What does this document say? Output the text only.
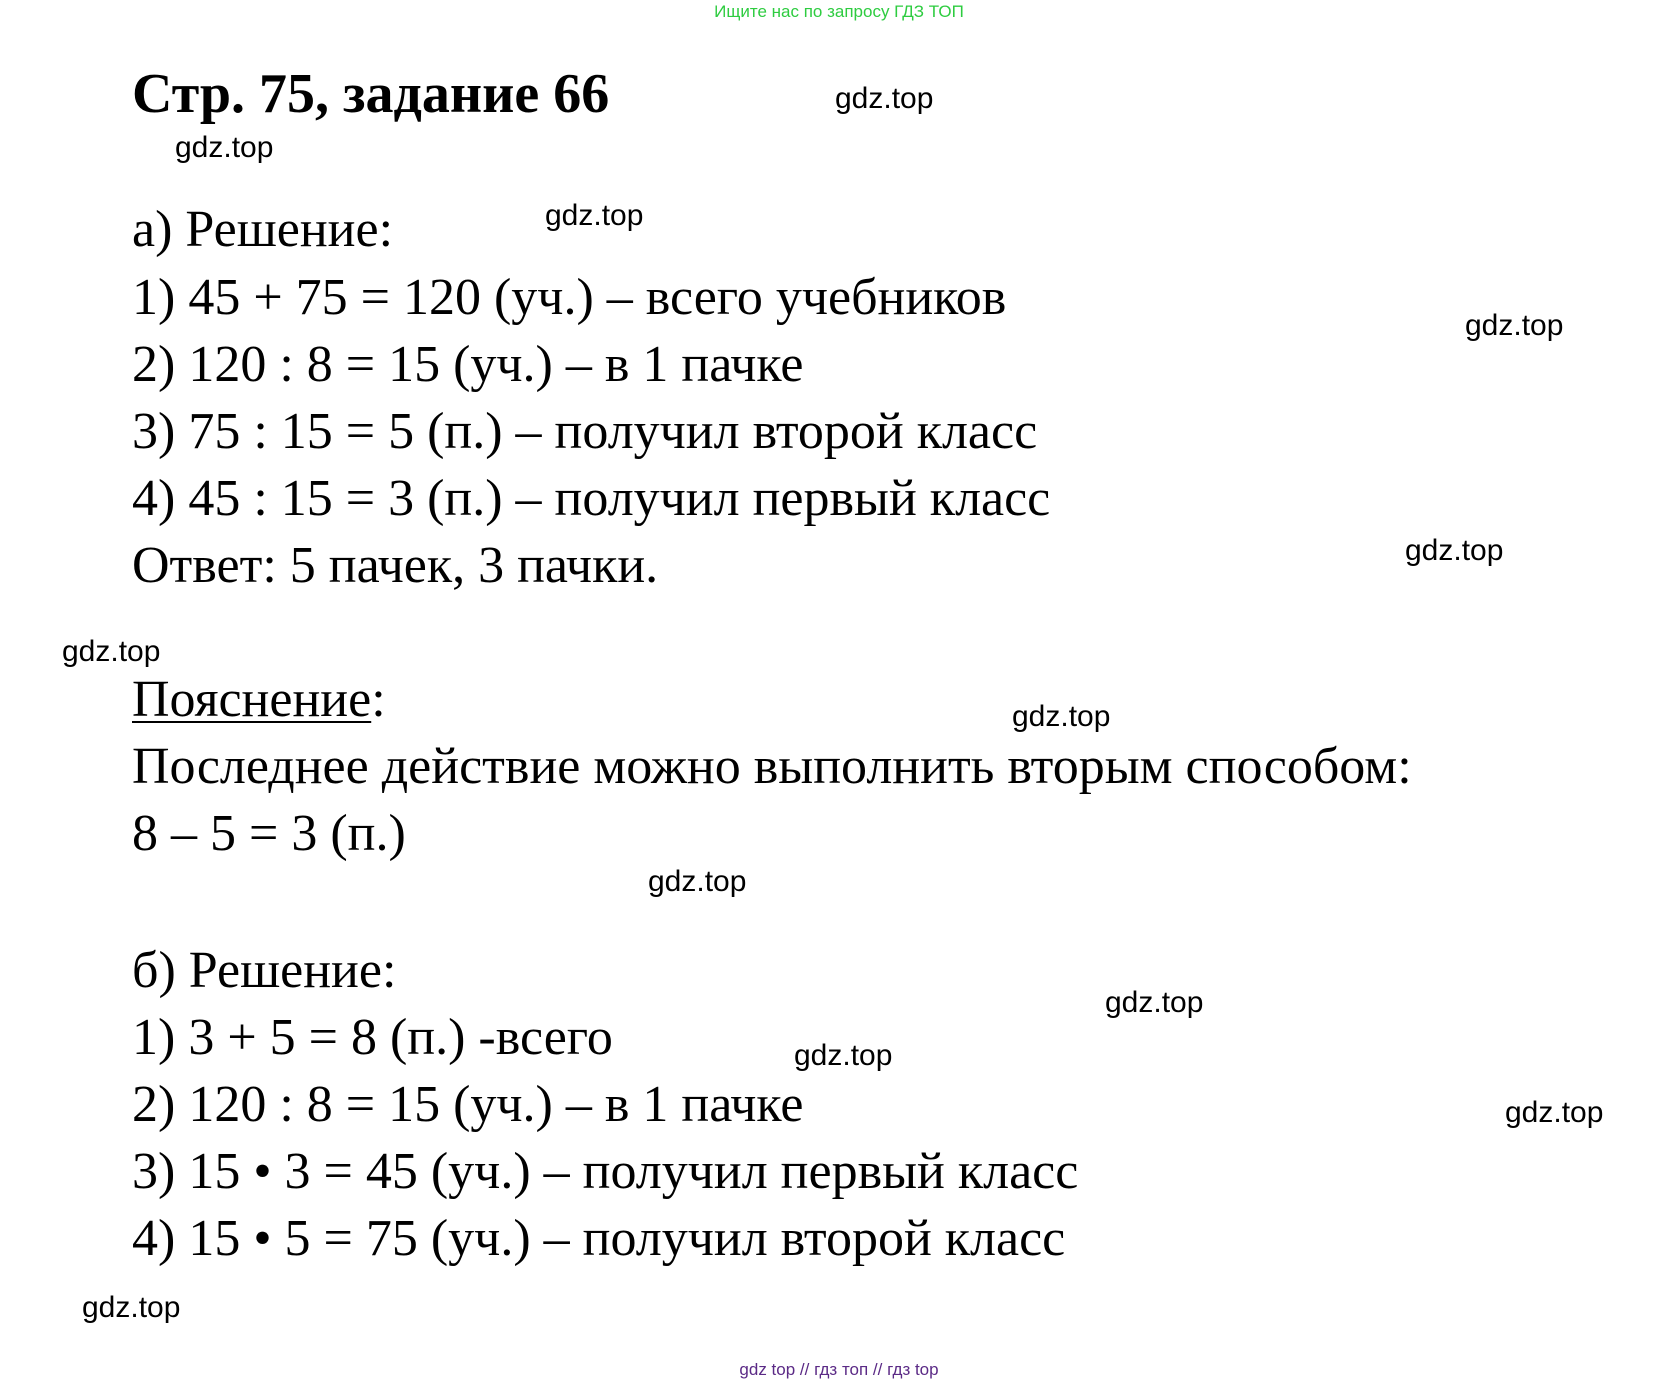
Ищите нас по запросу ГДЗ ТОП
Стр. 75, задание 66
а) Решение:
1) 45 + 75 = 120 (уч.) – всего учебников
2) 120 : 8 = 15 (уч.) – в 1 пачке
3) 75 : 15 = 5 (п.) – получил второй класс
4) 45 : 15 = 3 (п.) – получил первый класс
Ответ: 5 пачек, 3 пачки.
Пояснение:
Последнее действие можно выполнить вторым способом:
8 – 5 = 3 (п.)
б) Решение:
1) 3 + 5 = 8 (п.) -всего
2) 120 : 8 = 15 (уч.) – в 1 пачке
3) 15 • 3 = 45 (уч.) – получил первый класс
4) 15 • 5 = 75 (уч.) – получил второй класс
gdz.top
gdz.top
gdz.top
gdz.top
gdz.top
gdz.top
gdz.top
gdz.top
gdz.top
gdz.top
gdz.top
gdz.top
gdz top // гдз топ // гдз top
